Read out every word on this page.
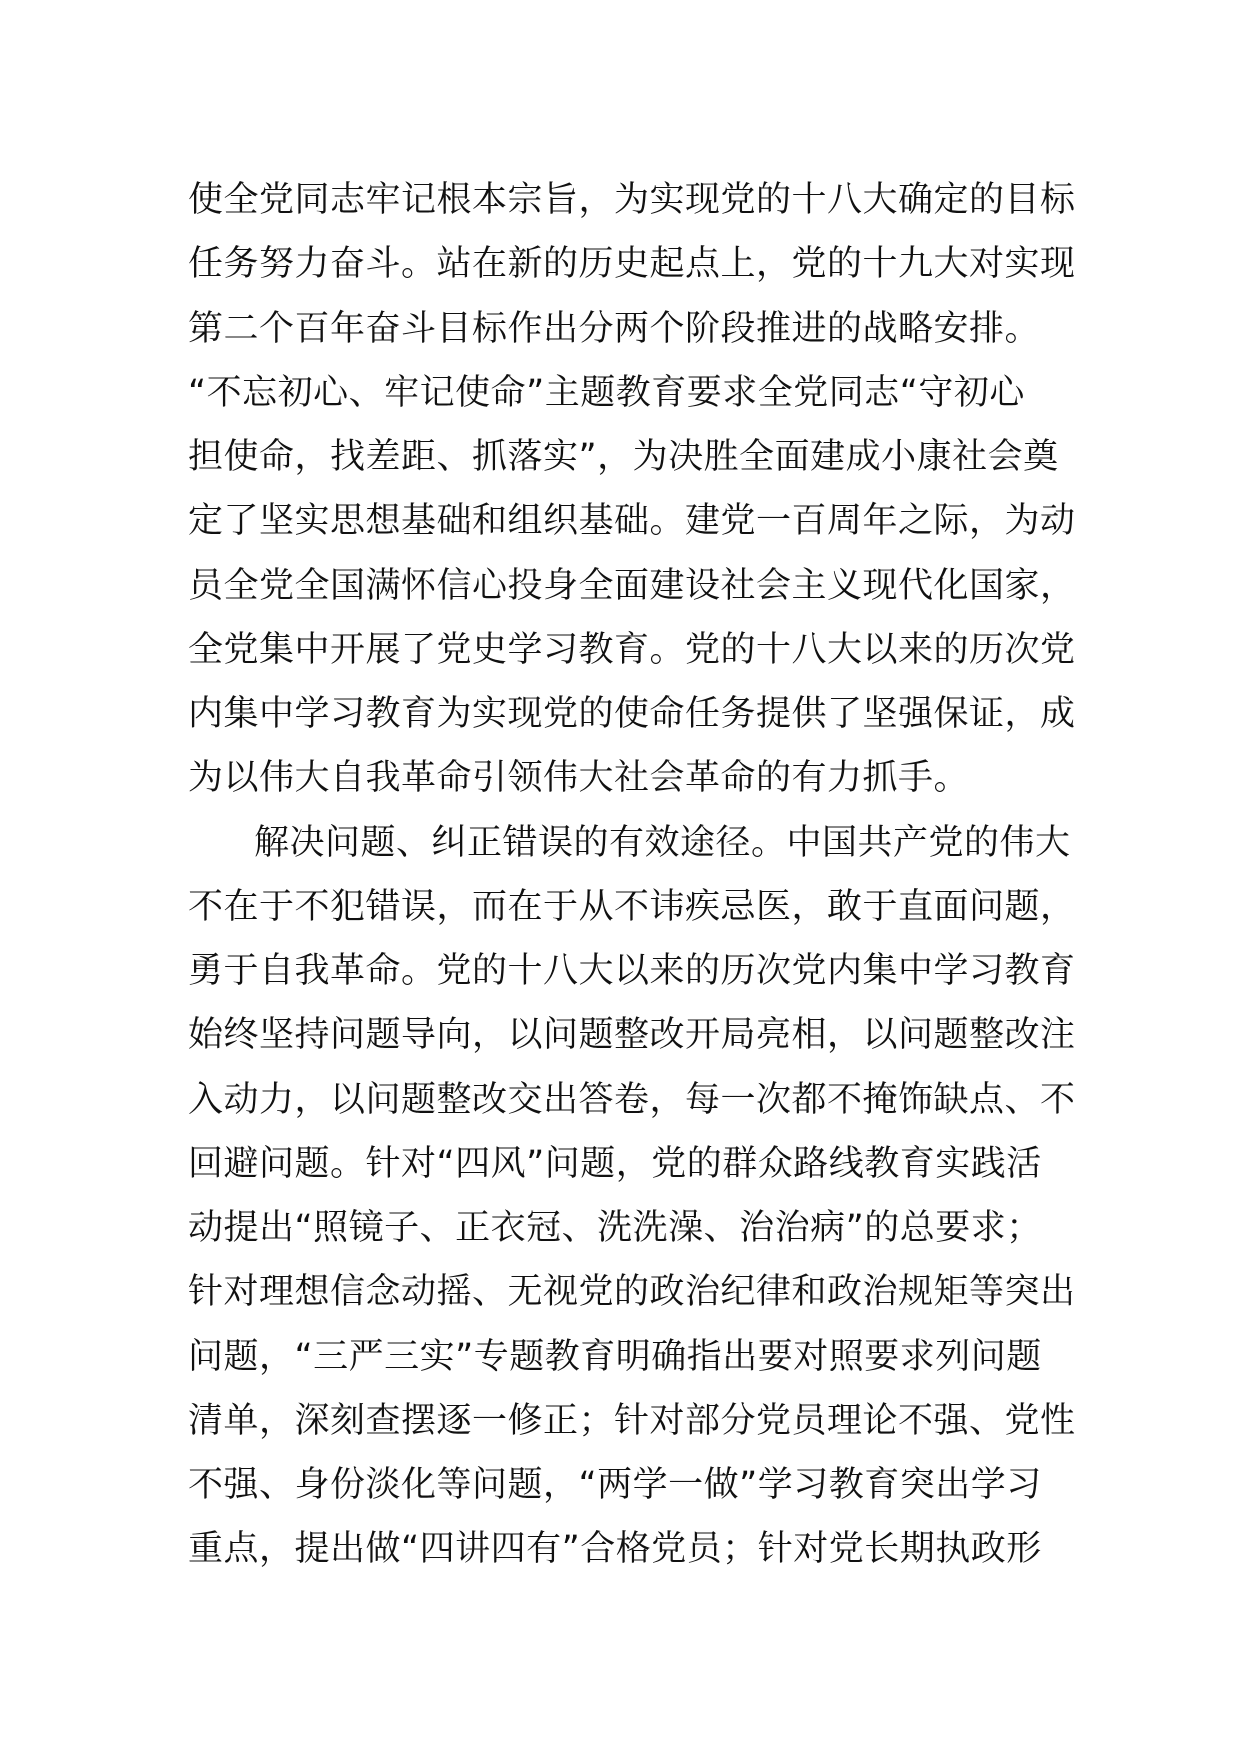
使全党同志牢记根本宗旨，为实现党的十八大确定的目标
任务努力奋斗。站在新的历史起点上，党的十九大对实现
第二个百年奋斗目标作出分两个阶段推进的战略安排。
“不忘初心、牢记使命”主题教育要求全党同志“守初心
担使命，找差距、抓落实”，为决胜全面建成小康社会奠
定了坚实思想基础和组织基础。建党一百周年之际，为动
员全党全国满怀信心投身全面建设社会主义现代化国家，
全党集中开展了党史学习教育。党的十八大以来的历次党
内集中学习教育为实现党的使命任务提供了坚强保证，成
为以伟大自我革命引领伟大社会革命的有力抓手。
解决问题、纠正错误的有效途径。中国共产党的伟大
不在于不犯错误，而在于从不讳疾忌医，敢于直面问题，
勇于自我革命。党的十八大以来的历次党内集中学习教育
始终坚持问题导向，以问题整改开局亮相，以问题整改注
入动力，以问题整改交出答卷，每一次都不掩饰缺点、不
回避问题。针对“四风”问题，党的群众路线教育实践活
动提出“照镜子、正衣冠、洗洗澡、治治病”的总要求；
针对理想信念动摇、无视党的政治纪律和政治规矩等突出
问题，“三严三实”专题教育明确指出要对照要求列问题
清单，深刻查摆逐一修正；针对部分党员理论不强、党性
不强、身份淡化等问题，“两学一做”学习教育突出学习
重点，提出做“四讲四有”合格党员；针对党长期执政形
